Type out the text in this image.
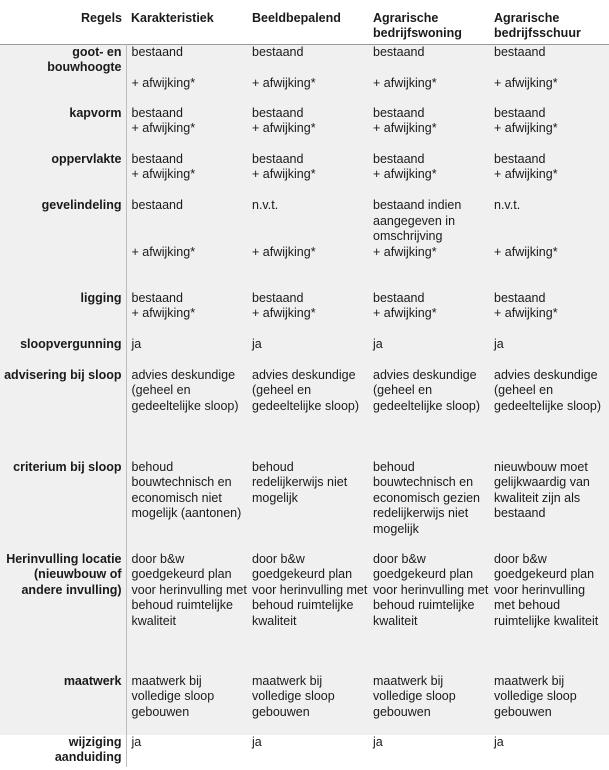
Regels	Karakteristiek	Beeldbepalend	Agrarische bedrijfswoning	Agrarische bedrijfsschuur
goot- en bouwhoogte	bestaand	bestaand	bestaand	bestaand
	+ afwijking*	+ afwijking*	+ afwijking*	+ afwijking*
kapvorm	bestaand	bestaand	bestaand	bestaand
	+ afwijking*	+ afwijking*	+ afwijking*	+ afwijking*
oppervlakte	bestaand	bestaand	bestaand	bestaand
	+ afwijking*	+ afwijking*	+ afwijking*	+ afwijking*
gevelindeling	bestaand	n.v.t.	bestaand indien aangegeven in omschrijving	n.v.t.
	+ afwijking*	+ afwijking*	+ afwijking*	+ afwijking*
ligging	bestaand	bestaand	bestaand	bestaand
	+ afwijking*	+ afwijking*	+ afwijking*	+ afwijking*
sloopvergunning	ja	ja	ja	ja
advisering bij sloop	advies deskundige (geheel en gedeeltelijke sloop)	advies deskundige (geheel en gedeeltelijke sloop)	advies deskundige (geheel en gedeeltelijke sloop)	advies deskundige (geheel en gedeeltelijke sloop)
criterium bij sloop	behoud bouwtechnisch en economisch niet mogelijk (aantonen)	behoud redelijkerwijs niet mogelijk	behoud bouwtechnisch en economisch gezien redelijkerwijs niet mogelijk	nieuwbouw moet gelijkwaardig van kwaliteit zijn als bestaand
Herinvulling locatie (nieuwbouw of andere invulling)	door b&w goedgekeurd plan voor herinvulling met behoud ruimtelijke kwaliteit	door b&w goedgekeurd plan voor herinvulling met behoud ruimtelijke kwaliteit	door b&w goedgekeurd plan voor herinvulling met behoud ruimtelijke kwaliteit	door b&w goedgekeurd plan voor herinvulling met behoud ruimtelijke kwaliteit
maatwerk	maatwerk bij volledige sloop gebouwen	maatwerk bij volledige sloop gebouwen	maatwerk bij volledige sloop gebouwen	maatwerk bij volledige sloop gebouwen
wijziging aanduiding	ja	ja	ja	ja
